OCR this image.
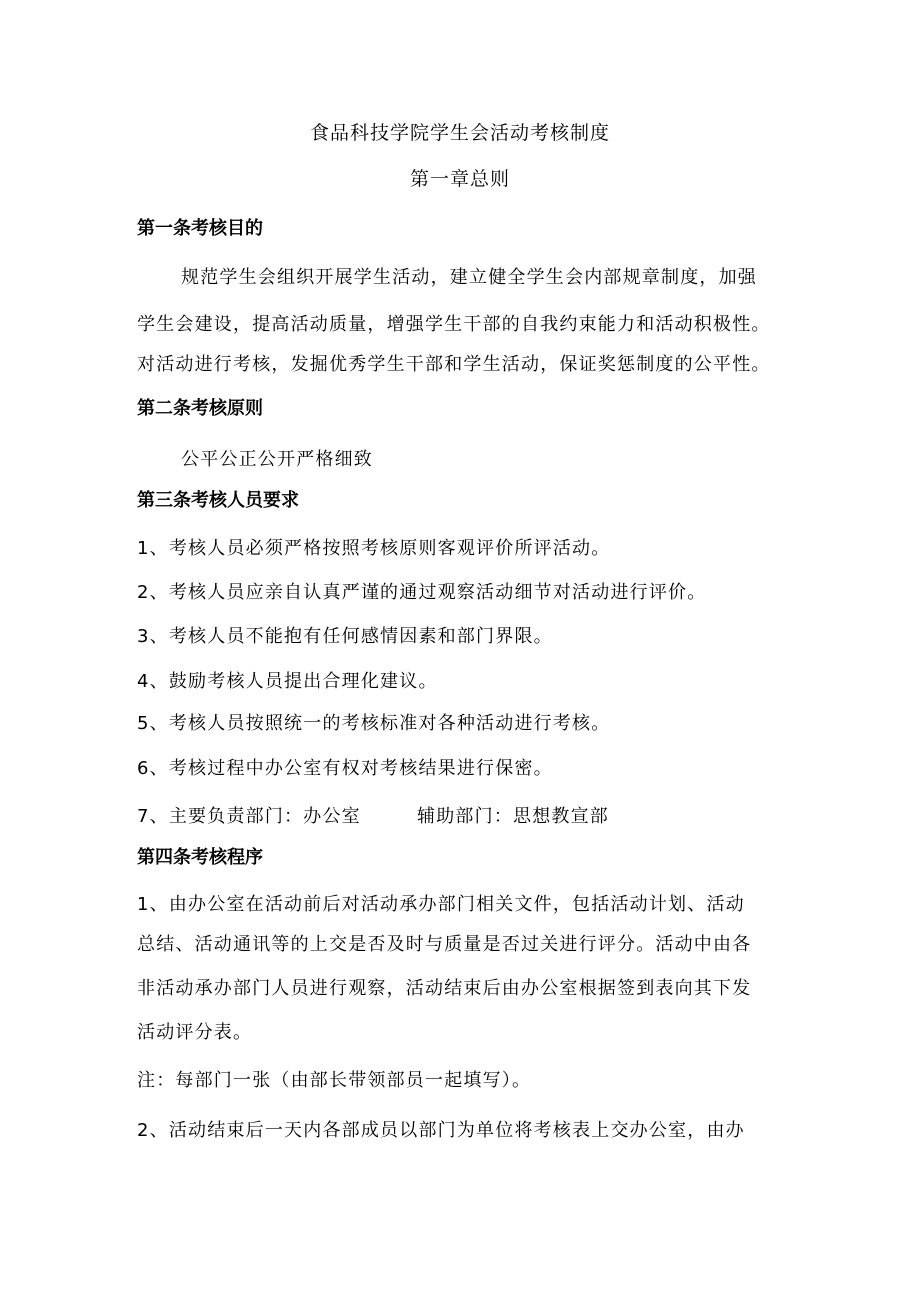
食品科技学院学生会活动考核制度
第一章总则
第一条考核目的
规范学生会组织开展学生活动，建立健全学生会内部规章制度，加强
学生会建设，提高活动质量，增强学生干部的自我约束能力和活动积极性。
对活动进行考核，发掘优秀学生干部和学生活动，保证奖惩制度的公平性。
第二条考核原则
公平公正公开严格细致
第三条考核人员要求
1、考核人员必须严格按照考核原则客观评价所评活动。
2、考核人员应亲自认真严谨的通过观察活动细节对活动进行评价。
3、考核人员不能抱有任何感情因素和部门界限。
4、鼓励考核人员提出合理化建议。
5、考核人员按照统一的考核标准对各种活动进行考核。
6、考核过程中办公室有权对考核结果进行保密。
7、主要负责部门：办公室	辅助部门：思想教宣部
第四条考核程序
1、由办公室在活动前后对活动承办部门相关文件，包括活动计划、活动
总结、活动通讯等的上交是否及时与质量是否过关进行评分。活动中由各
非活动承办部门人员进行观察，活动结束后由办公室根据签到表向其下发
活动评分表。
注：每部门一张（由部长带领部员一起填写）。
2、活动结束后一天内各部成员以部门为单位将考核表上交办公室，由办
